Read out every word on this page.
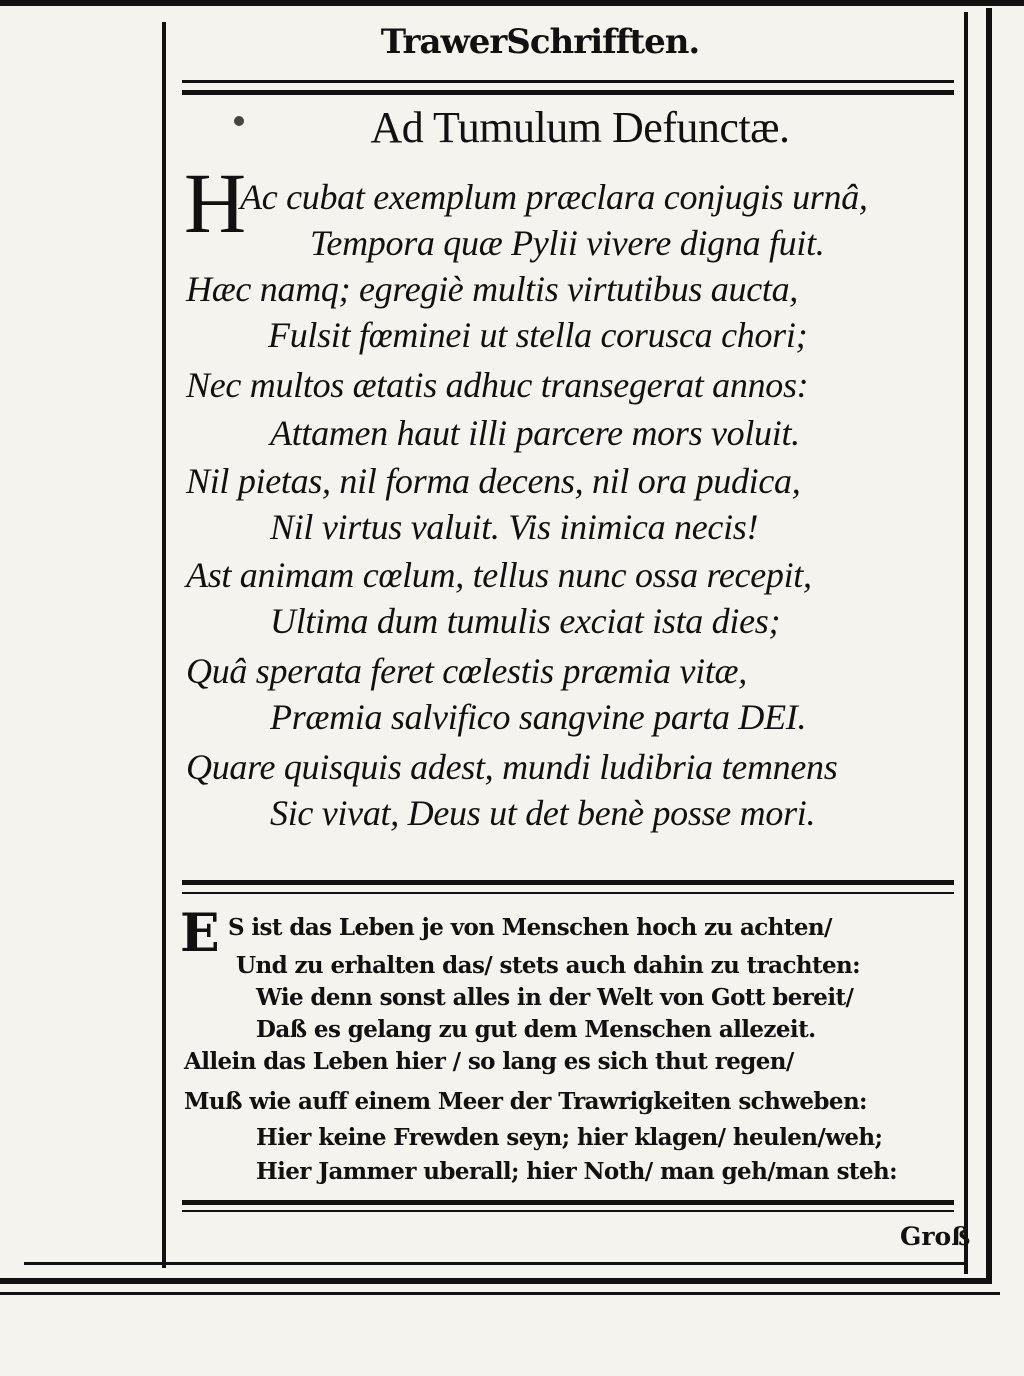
TrawerSchrifften.
Ad Tumulum Defunctæ.
H
Ac cubat exemplum præclara conjugis urnâ,
Tempora quæ Pylii vivere digna fuit.
Hæc namq; egregiè multis virtutibus aucta,
Fulsit fœminei ut stella corusca chori;
Nec multos ætatis adhuc transegerat annos:
Attamen haut illi parcere mors voluit.
Nil pietas, nil forma decens, nil ora pudica,
Nil virtus valuit. Vis inimica necis!
Ast animam cœlum, tellus nunc ossa recepit,
Ultima dum tumulis exciat ista dies;
Quâ sperata feret cœlestis præmia vitæ,
Præmia salvifico sangvine parta DEI.
Quare quisquis adest, mundi ludibria temnens
Sic vivat, Deus ut det benè posse mori.
E S ist das Leben je von Menschen hoch zu achten/
Und zu erhalten das/ stets auch dahin zu trachten:
Wie denn sonst alles in der Welt von Gott bereit/
Daß es gelang zu gut dem Menschen allezeit.
Allein das Leben hier / so lang es sich thut regen/
Muß wie auff einem Meer der Trawrigkeiten schweben:
Hier keine Frewden seyn; hier klagen/ heulen/weh;
Hier Jammer uberall; hier Noth/ man geh/man steh:
Groß
